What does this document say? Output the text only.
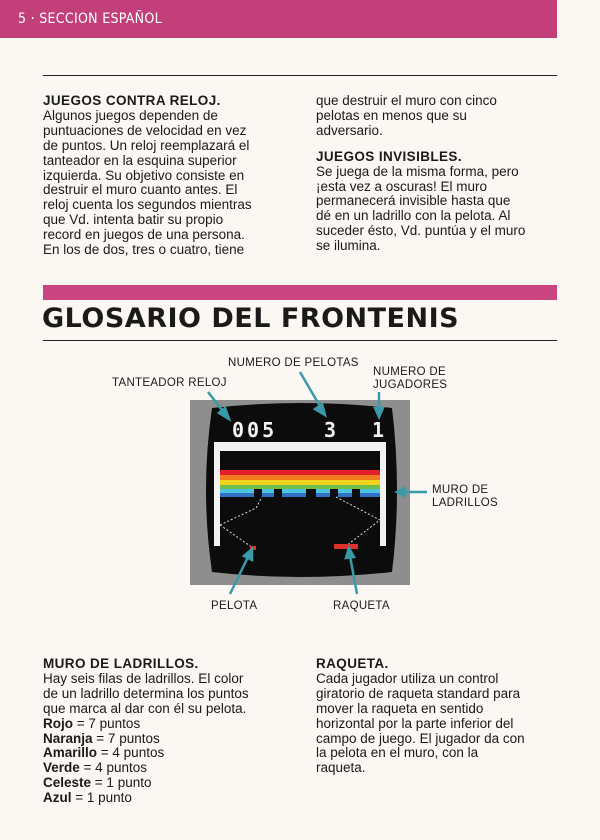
5 · SECCION ESPAÑOL

JUEGOS CONTRA RELOJ.

Algunos juegos dependen de

puntuaciones de velocidad en vez

de puntos. Un reloj reemplazará el

tanteador en la esquina superior

izquierda. Su objetivo consiste en

destruir el muro cuanto antes. El

reloj cuenta los segundos mientras

que Vd. intenta batir su propio

record en juegos de una persona.

En los de dos, tres o cuatro, tiene

que destruir el muro con cinco

pelotas en menos que su

adversario.

JUEGOS INVISIBLES.

Se juega de la misma forma, pero

¡esta vez a oscuras! El muro

permanecerá invisible hasta que

dé en un ladrillo con la pelota. Al

suceder ésto, Vd. puntúa y el muro

se ilumina.

GLOSARIO DEL FRONTENIS
NUMERO DE PELOTAS
NUMERO DE
JUGADORES
TANTEADOR RELOJ
MURO DE
LADRILLOS
PELOTA	RAQUETA
005 3 1

MURO DE LADRILLOS.

Hay seis filas de ladrillos. El color

de un ladrillo determina los puntos

que marca al dar con él su pelota.

Rojo = 7 puntos

Naranja = 7 puntos

Amarillo = 4 puntos

Verde = 4 puntos

Celeste = 1 punto

Azul = 1 punto

RAQUETA.

Cada jugador utiliza un control

giratorio de raqueta standard para

mover la raqueta en sentido

horizontal por la parte inferior del

campo de juego. El jugador da con

la pelota en el muro, con la

raqueta.
